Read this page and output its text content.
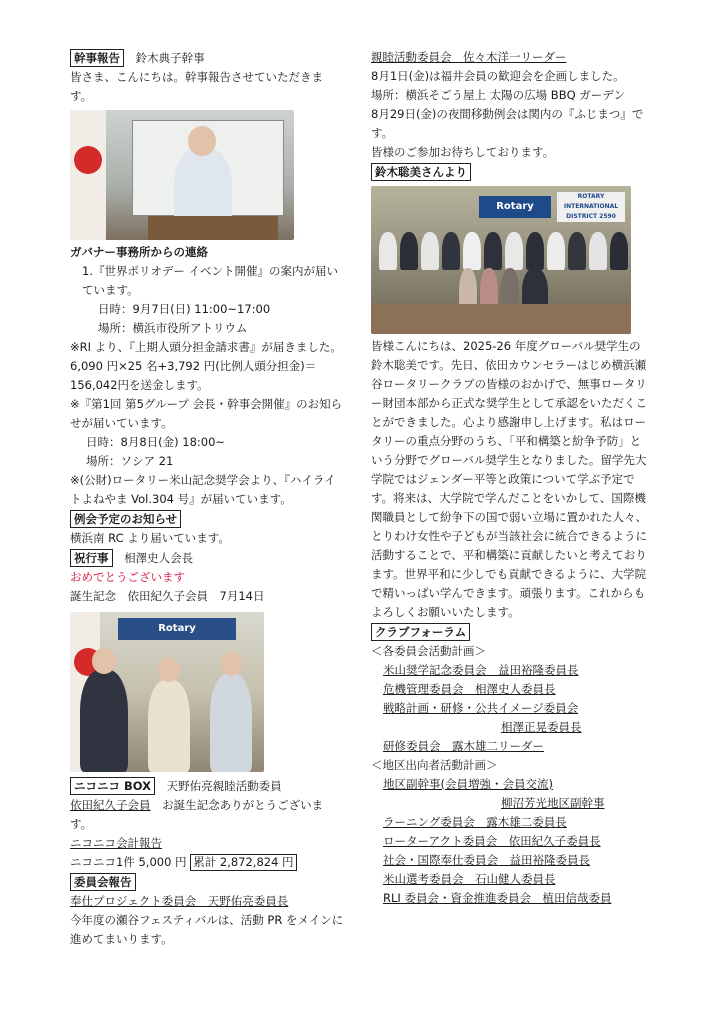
幹事報告 鈴木典子幹事

皆さま、こんにちは。幹事報告させていただきます。

ガバナー事務所からの連絡

1.『世界ポリオデー イベント開催』の案内が届いています。

日時：9月7日(日) 11:00~17:00

場所：横浜市役所アトリウム

※RI より、『上期人頭分担金請求書』が届きました。

6,090 円×25 名+3,792 円(比例人頭分担金)＝156,042円を送金します。

※『第1回 第5グループ 会長・幹事会開催』のお知らせが届いています。

日時：8月8日(金) 18:00~

場所：ソシア 21

※(公財)ロータリー米山記念奨学会より、『ハイライトよねやま Vol.304 号』が届いています。

例会予定のお知らせ

横浜南 RC より届いています。

祝行事 相澤史人会長

おめでとうございます

誕生記念　依田紀久子会員　7月14日

Rotary

ニコニコ BOX 天野佑亮親睦活動委員

依田紀久子会員 お誕生記念ありがとうございます。

ニコニコ会計報告

ニコニコ1件 5,000 円 累計 2,872,824 円

委員会報告

奉仕プロジェクト委員会　天野佑亮委員長

今年度の瀬谷フェスティバルは、活動 PR をメインに進めてまいります。

親睦活動委員会　佐々木洋一リーダー

8月1日(金)は福井会員の歓迎会を企画しました。

場所：横浜そごう屋上 太陽の広場 BBQ ガーデン

8月29日(金)の夜間移動例会は関内の『ふじまつ』です。

皆様のご参加お待ちしております。

鈴木聡美さんより

Rotary
ROTARY INTERNATIONAL DISTRICT 2590

皆様こんにちは、2025-26 年度グローバル奨学生の鈴木聡美です。先日、依田カウンセラーはじめ横浜瀬谷ロータリークラブの皆様のおかげで、無事ロータリー財団本部から正式な奨学生として承認をいただくことができました。心より感謝申し上げます。私はロータリーの重点分野のうち、「平和構築と紛争予防」という分野でグローバル奨学生となりました。留学先大学院ではジェンダー平等と政策について学ぶ予定です。将来は、大学院で学んだことをいかして、国際機関職員として紛争下の国で弱い立場に置かれた人々、とりわけ女性や子どもが当該社会に統合できるように活動することで、平和構築に貢献したいと考えております。世界平和に少しでも貢献できるように、大学院で精いっぱい学んできます。頑張ります。これからもよろしくお願いいたします。

クラブフォーラム

＜各委員会活動計画＞

米山奨学記念委員会　益田裕隆委員長

危機管理委員会　相澤史人委員長

戦略計画・研修・公共イメージ委員会

相澤正晃委員長

研修委員会　露木雄二リーダー

＜地区出向者活動計画＞

地区副幹事(会員増強・会員交流)

柳沼芳光地区副幹事

ラーニング委員会　露木雄二委員長

ローターアクト委員会　依田紀久子委員長

社会・国際奉仕委員会　益田裕隆委員長

米山選考委員会　石山健人委員長

RLI 委員会・資金推進委員会　植田信哉委員
